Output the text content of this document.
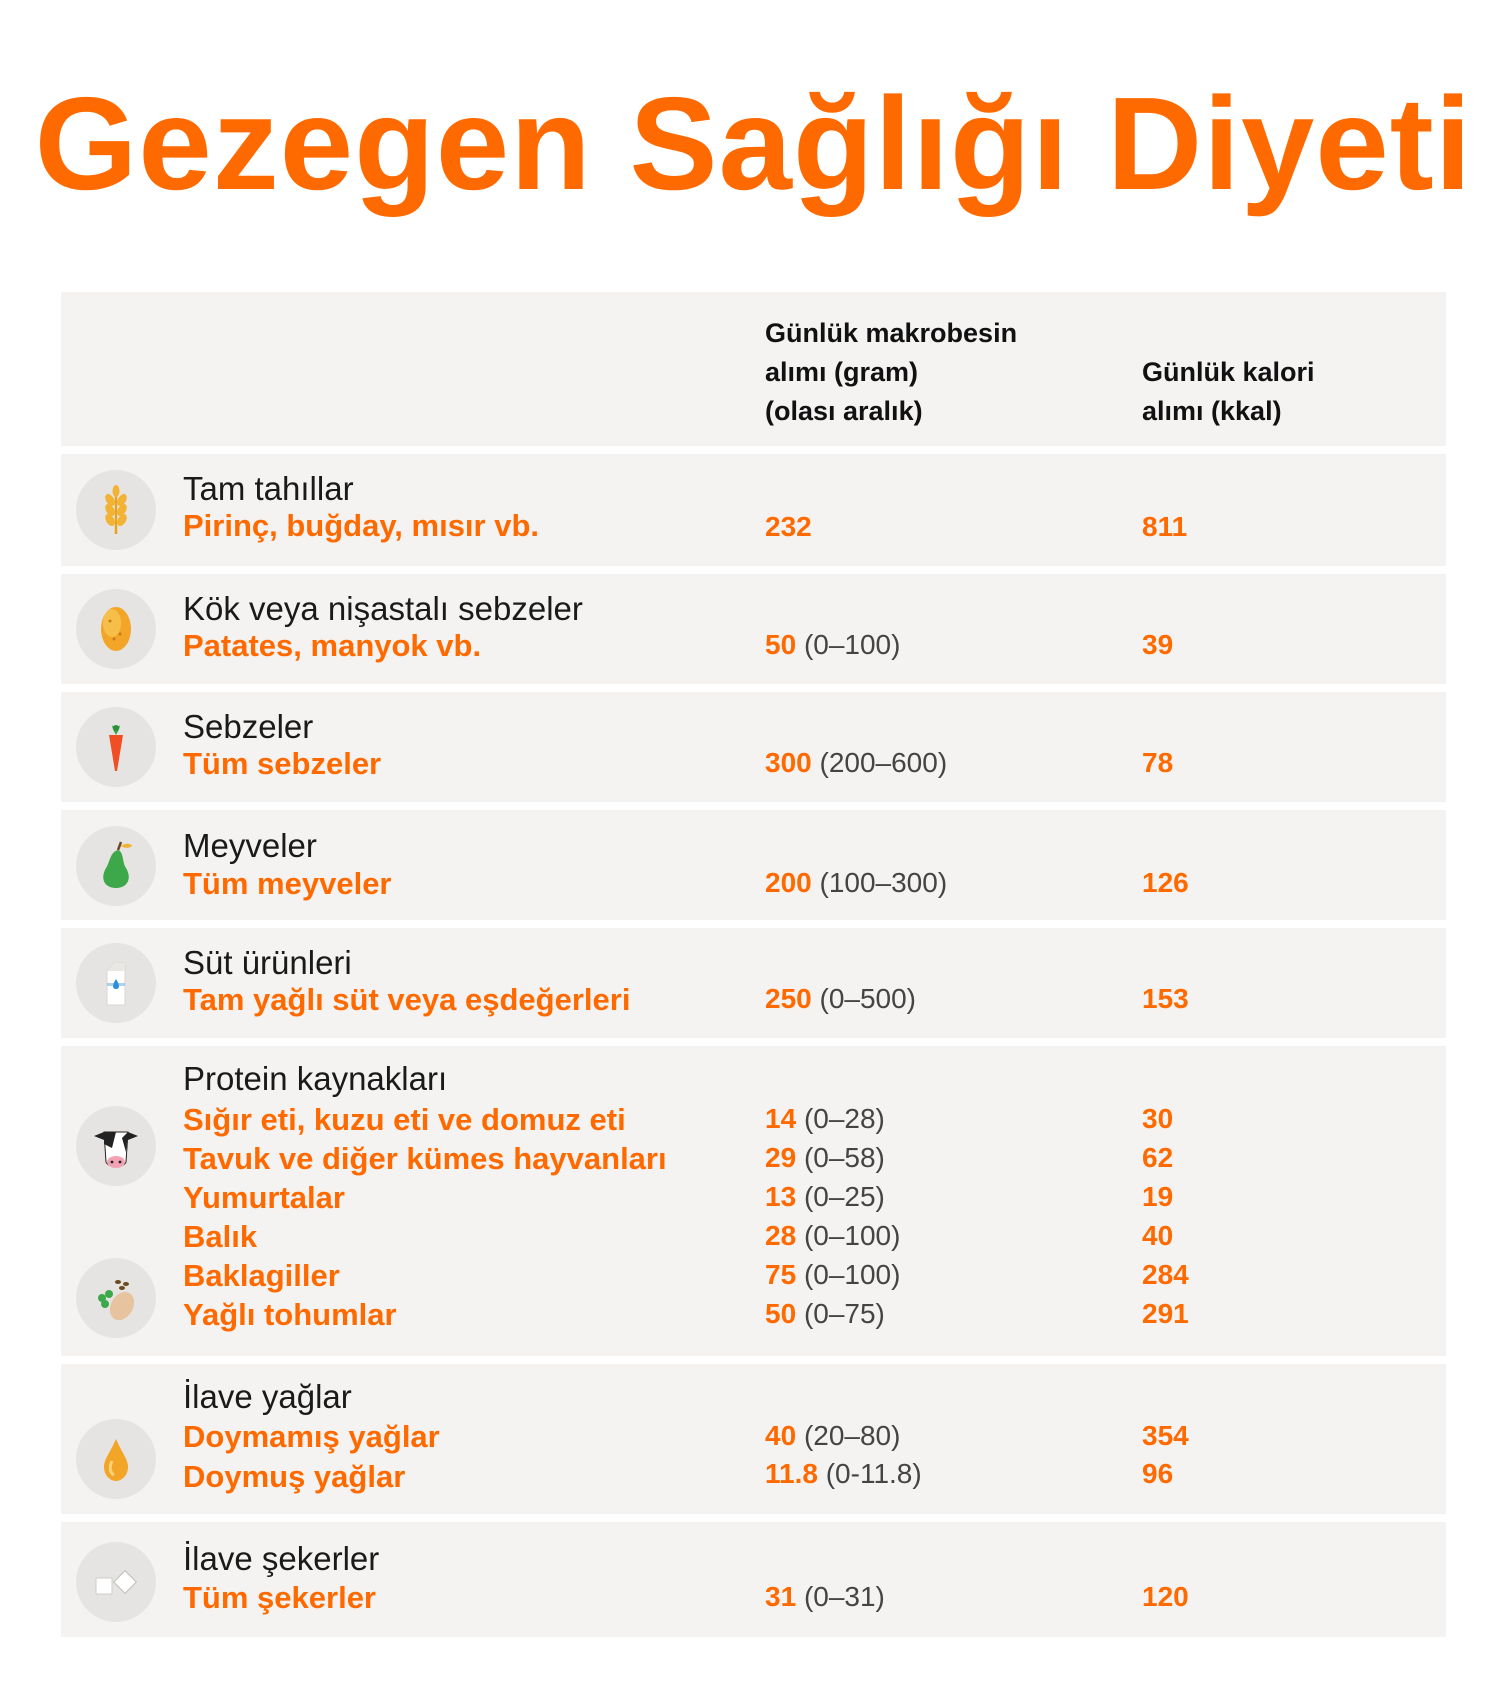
Gezegen Sağlığı Diyeti
Günlük makrobesin
alımı (gram)
(olası aralık)
Günlük kalori
alımı (kkal)
Tam tahıllar
Pirinç, buğday, mısır vb.	232	811
Kök veya nişastalı sebzeler
Patates, manyok vb.	50 (0–100)	39
Sebzeler
Tüm sebzeler	300 (200–600)	78
Meyveler
Tüm meyveler	200 (100–300)	126
Süt ürünleri
Tam yağlı süt veya eşdeğerleri	250 (0–500)	153
Protein kaynakları
Sığır eti, kuzu eti ve domuz eti	14 (0–28)	30
Tavuk ve diğer kümes hayvanları	29 (0–58)	62
Yumurtalar	13 (0–25)	19
Balık	28 (0–100)	40
Baklagiller	75 (0–100)	284
Yağlı tohumlar	50 (0–75)	291
İlave yağlar
Doymamış yağlar	40 (20–80)	354
Doymuş yağlar	11.8 (0-11.8)	96
İlave şekerler
Tüm şekerler	31 (0–31)	120
